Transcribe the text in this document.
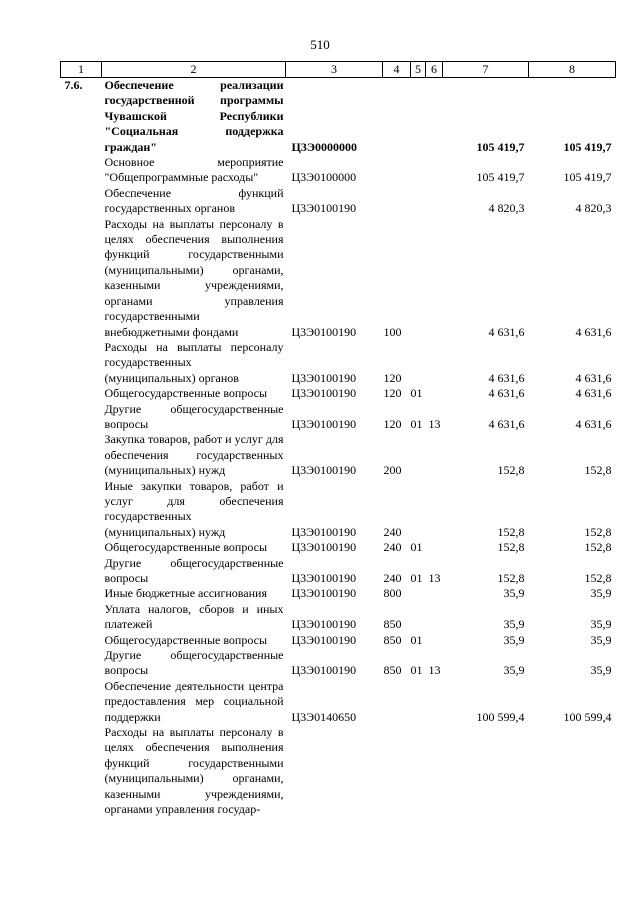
510
1	2	3	4	5	6	7	8
7.6.	Обеспечение реализации государственной программы Чувашской Республики "Социальная поддержка граждан"	Ц3Э0000000				105 419,7	105 419,7
	Основное мероприятие "Общепрограммные расходы"	Ц3Э0100000				105 419,7	105 419,7
	Обеспечение функций государственных органов	Ц3Э0100190				4 820,3	4 820,3
	Расходы на выплаты персоналу в целях обеспечения выполнения функций государственными (муниципальными) органами, казенными учреждениями, органами управления государственными внебюджетными фондами	Ц3Э0100190	100			4 631,6	4 631,6
	Расходы на выплаты персоналу государственных (муниципальных) органов	Ц3Э0100190	120			4 631,6	4 631,6
	Общегосударственные вопросы	Ц3Э0100190	120	01		4 631,6	4 631,6
	Другие общегосударственные вопросы	Ц3Э0100190	120	01	13	4 631,6	4 631,6
	Закупка товаров, работ и услуг для обеспечения государственных (муниципальных) нужд	Ц3Э0100190	200			152,8	152,8
	Иные закупки товаров, работ и услуг для обеспечения государственных (муниципальных) нужд	Ц3Э0100190	240			152,8	152,8
	Общегосударственные вопросы	Ц3Э0100190	240	01		152,8	152,8
	Другие общегосударственные вопросы	Ц3Э0100190	240	01	13	152,8	152,8
	Иные бюджетные ассигнования	Ц3Э0100190	800			35,9	35,9
	Уплата налогов, сборов и иных платежей	Ц3Э0100190	850			35,9	35,9
	Общегосударственные вопросы	Ц3Э0100190	850	01		35,9	35,9
	Другие общегосударственные вопросы	Ц3Э0100190	850	01	13	35,9	35,9
	Обеспечение деятельности центра предоставления мер социальной поддержки	Ц3Э0140650				100 599,4	100 599,4
	Расходы на выплаты персоналу в целях обеспечения выполнения функций государственными (муниципальными) органами, казенными учреждениями, органами управления государ-						
